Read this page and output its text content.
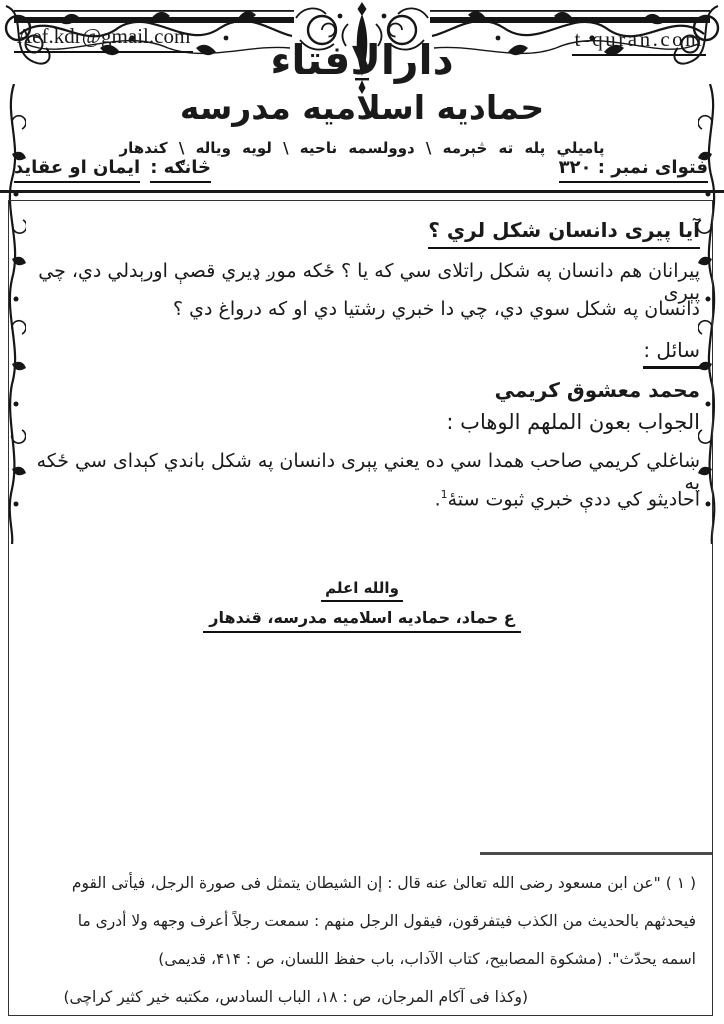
Aef.kdr@gmail.com	t-quran.com
دارالافتاء
حمادیه اسلامیه مدرسه
پامیلي پله ته څېرمه \ دوولسمه ناحیه \ لویه ویاله \ کندهار
فتوای نمبر : ۳۲۰
څانګه :
ایمان او عقاید
آیا پیری دانسان شکل لري ؟
پیرانان هم دانسان په شکل راتلای سي که یا ؟ ځکه موږ ډیري قصې اورېدلي دي، چي پېری
دانسان په شکل سوي دي، چي دا خبري رشتیا دي او که درواغ دي ؟
سائل :
محمد معشوق کریمي
الجواب بعون الملهم الوهاب :
ښاغلي کریمي صاحب همدا سي ده یعني پېری دانسان په شکل باندي کېدای سي ځکه په
احادیثو کي ددې خبري ثبوت ستۀ$^1$.
والله اعلم
ع حماد، حمادیه اسلامیه مدرسه، قندهار
( ۱ ) "عن ابن مسعود رضی الله تعالیٰ عنه قال : إن الشیطان یتمثل فی صورة الرجل، فیأتی القوم
فیحدثهم بالحدیث من الکذب فیتفرقون، فیقول الرجل منهم : سمعت رجلاً أعرف وجهه ولا أدری ما
اسمه یحدّث". (مشکوة المصابیح، کتاب الآداب، باب حفظ اللسان، ص : ۴۱۴، قدیمی)
(وکذا فی آکام المرجان، ص : ۱۸، الباب السادس، مکتبه خیر کثیر کراچی)
